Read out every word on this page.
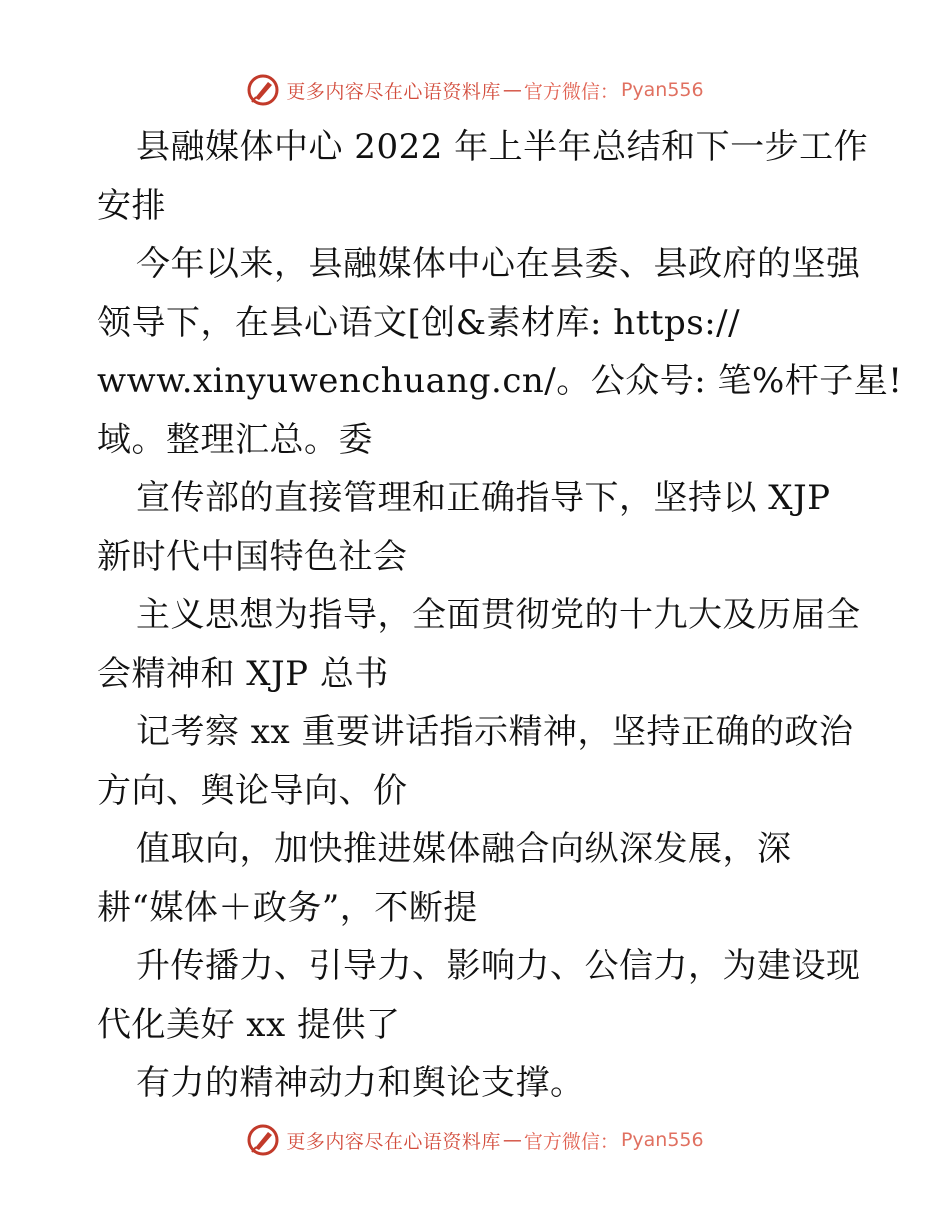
更多内容尽在心语资料库 — 官方微信： Pyan556
县融媒体中心 2022 年上半年总结和下一步工作
安排
今年以来，县融媒体中心在县委、县政府的坚强
领导下，在县心语文[创&素材库: https://
www.xinyuwenchuang.cn/。公众号: 笔%杆子星!
域。整理汇总。委
宣传部的直接管理和正确指导下，坚持以 XJP
新时代中国特色社会
主义思想为指导，全面贯彻党的十九大及历届全
会精神和 XJP 总书
记考察 xx 重要讲话指示精神，坚持正确的政治
方向、舆论导向、价
值取向，加快推进媒体融合向纵深发展，深
耕“媒体＋政务”，不断提
升传播力、引导力、影响力、公信力，为建设现
代化美好 xx 提供了
有力的精神动力和舆论支撑。
更多内容尽在心语资料库 — 官方微信： Pyan556
